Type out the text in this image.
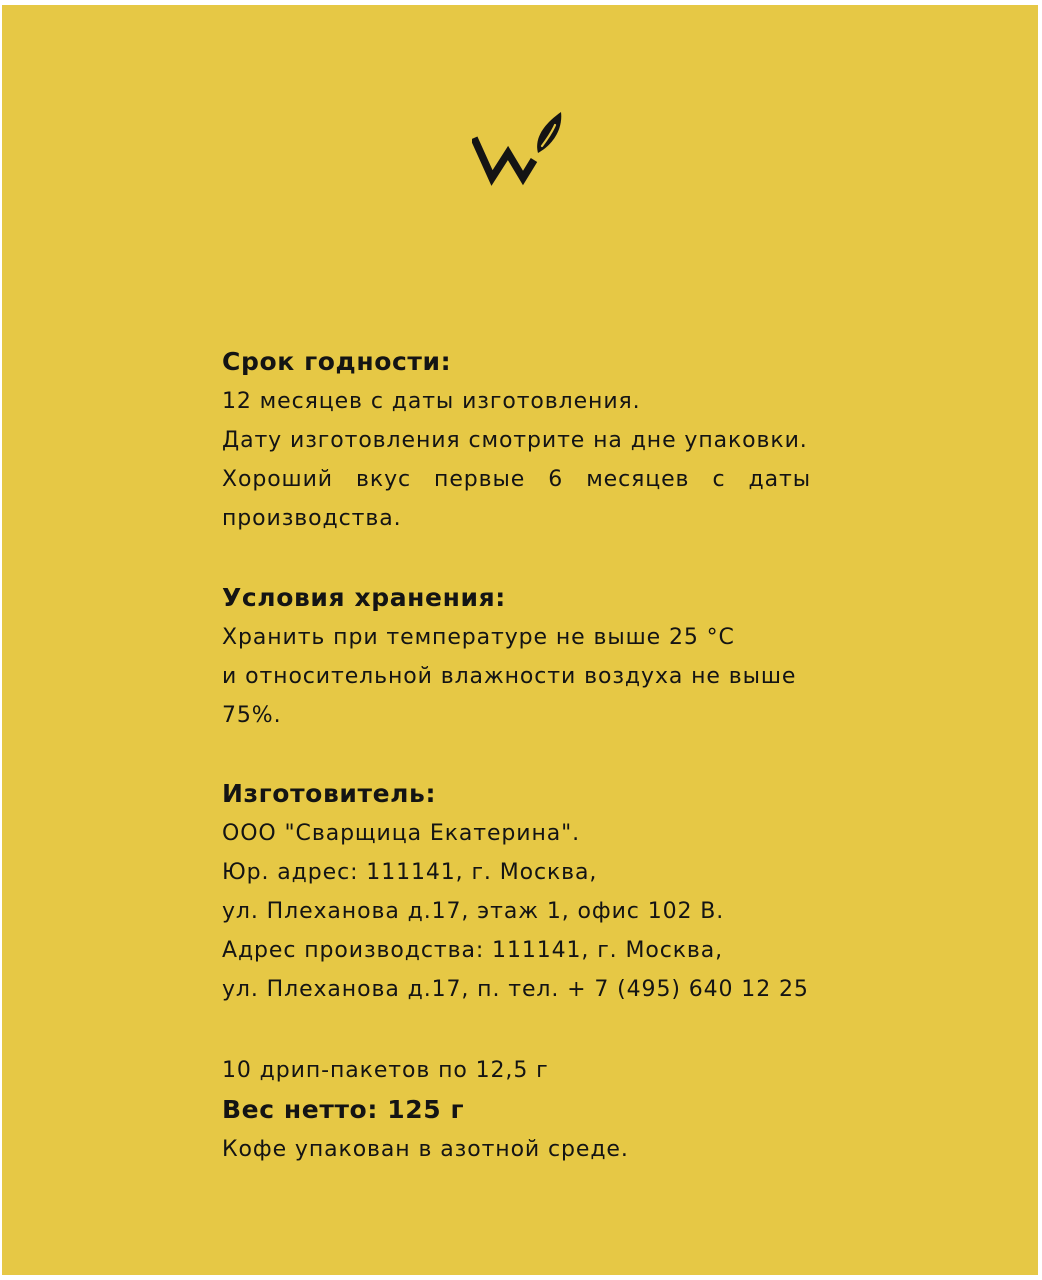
Срок годности:
12 месяцев с даты изготовления.
Дату изготовления смотрите на дне упаковки.
Хороший вкус первые 6 месяцев с даты
производства.
Условия хранения:
Хранить при температуре не выше 25 °C
и относительной влажности воздуха не выше
75%.
Изготовитель:
ООО "Сварщица Екатерина".
Юр. адрес: 111141, г. Москва,
ул. Плеханова д.17, этаж 1, офис 102 В.
Адрес производства: 111141, г. Москва,
ул. Плеханова д.17, п. тел. + 7 (495) 640 12 25
10 дрип-пакетов по 12,5 г
Вес нетто: 125 г
Кофе упакован в азотной среде.
